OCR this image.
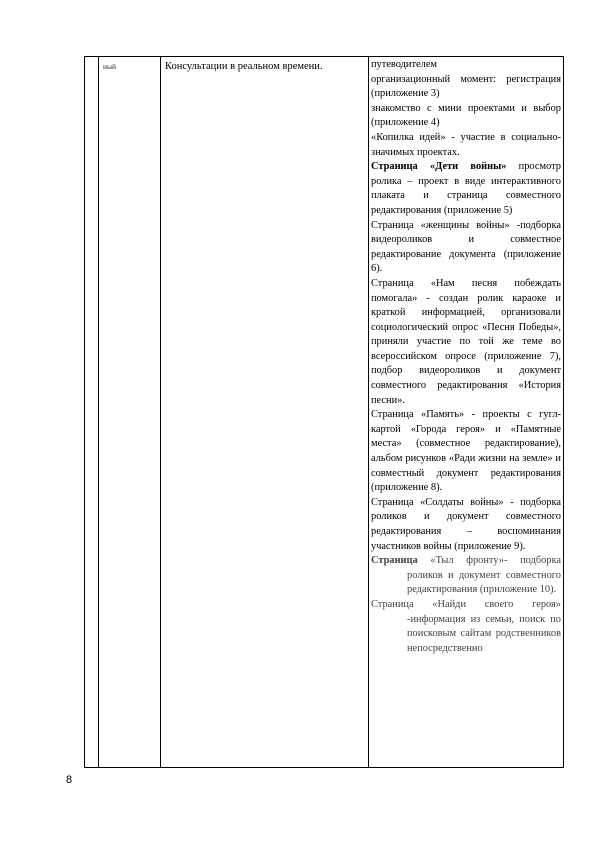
ный	Консультации в реальном времени.	путеводителем
организационный момент: регистрация (приложение 3)
знакомство с мини проектами и выбор (приложение 4)
«Копилка идей» - участие в социально-значимых проектах.
Страница «Дети войны» просмотр ролика – проект в виде интерактивного плаката и страница совместного редактирования (приложение 5)
Страница «женщины войны» -подборка видеороликов и совместное редактирование документа (приложение 6).
Страница «Нам песня побеждать помогала» - создан ролик караоке и краткой информацией, организовали социологический опрос «Песня Победы», приняли участие по той же теме во всероссийском опросе (приложение 7), подбор видеороликов и документ совместного редактирования «История песни».
Страница «Память» - проекты с гугл-картой «Города героя» и «Памятные места» (совместное редактирование), альбом рисунков «Ради жизни на земле» и совместный документ редактирования (приложение 8).
Страница «Солдаты войны» - подборка роликов и документ совместного редактирования – воспоминания участников войны (приложение 9).
Страница «Тыл фронту»- подборка роликов и документ совместного редактирования (приложение 10).
Страница «Найди своего героя» -информация из семьи, поиск по поисковым сайтам родственников непосредственно
8
